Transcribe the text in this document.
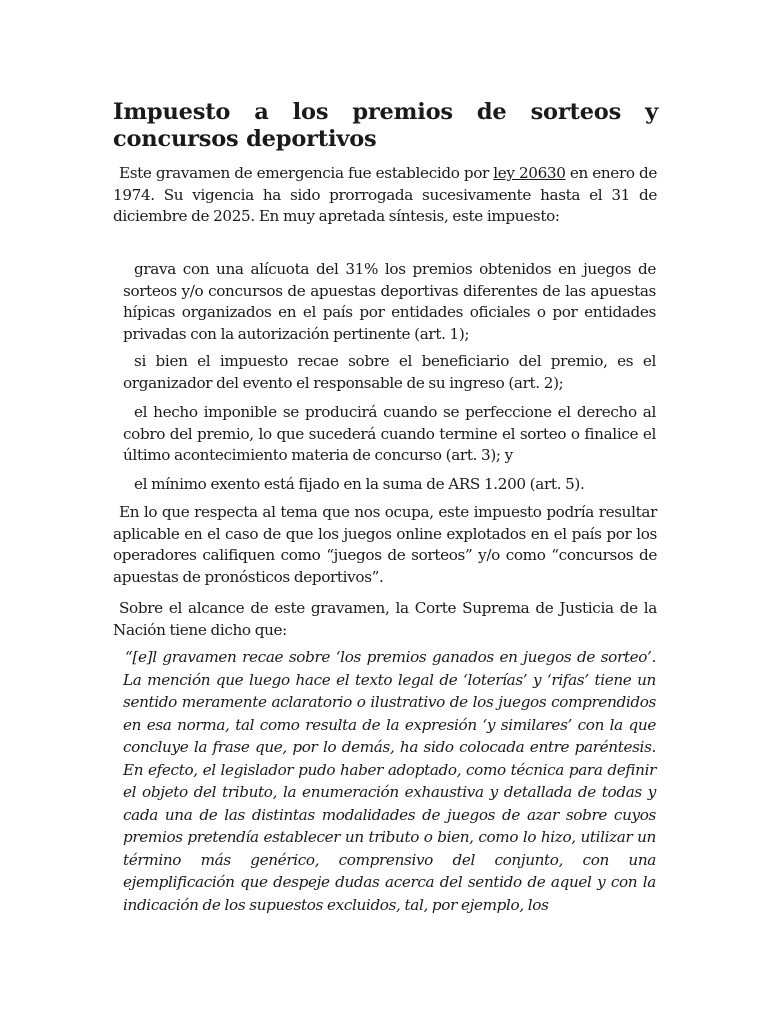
Impuesto a los premios de sorteos y concursos deportivos

Este gravamen de emergencia fue establecido por ley 20630 en enero de 1974. Su vigencia ha sido prorrogada sucesivamente hasta el 31 de diciembre de 2025. En muy apretada síntesis, este impuesto:

grava con una alícuota del 31% los premios obtenidos en juegos de sorteos y/o concursos de apuestas deportivas diferentes de las apuestas hípicas organizados en el país por entidades oficiales o por entidades privadas con la autorización pertinente (art. 1);

si bien el impuesto recae sobre el beneficiario del premio, es el organizador del evento el responsable de su ingreso (art. 2);

el hecho imponible se producirá cuando se perfeccione el derecho al cobro del premio, lo que sucederá cuando termine el sorteo o finalice el último acontecimiento materia de concurso (art. 3); y

el mínimo exento está fijado en la suma de ARS 1.200 (art. 5).

En lo que respecta al tema que nos ocupa, este impuesto podría resultar aplicable en el caso de que los juegos online explotados en el país por los operadores califiquen como “juegos de sorteos” y/o como “concursos de apuestas de pronósticos deportivos”.

Sobre el alcance de este gravamen, la Corte Suprema de Justicia de la Nación tiene dicho que:

“[e]l gravamen recae sobre ‘los premios ganados en juegos de sorteo’. La mención que luego hace el texto legal de ‘loterías’ y ‘rifas’ tiene un sentido meramente aclaratorio o ilustrativo de los juegos comprendidos en esa norma, tal como resulta de la expresión ‘y similares’ con la que concluye la frase que, por lo demás, ha sido colocada entre paréntesis. En efecto, el legislador pudo haber adoptado, como técnica para definir el objeto del tributo, la enumeración exhaustiva y detallada de todas y cada una de las distintas modalidades de juegos de azar sobre cuyos premios pretendía establecer un tributo o bien, como lo hizo, utilizar un término más genérico, comprensivo del conjunto, con una ejemplificación que despeje dudas acerca del sentido de aquel y con la indicación de los supuestos excluidos, tal, por ejemplo, los
